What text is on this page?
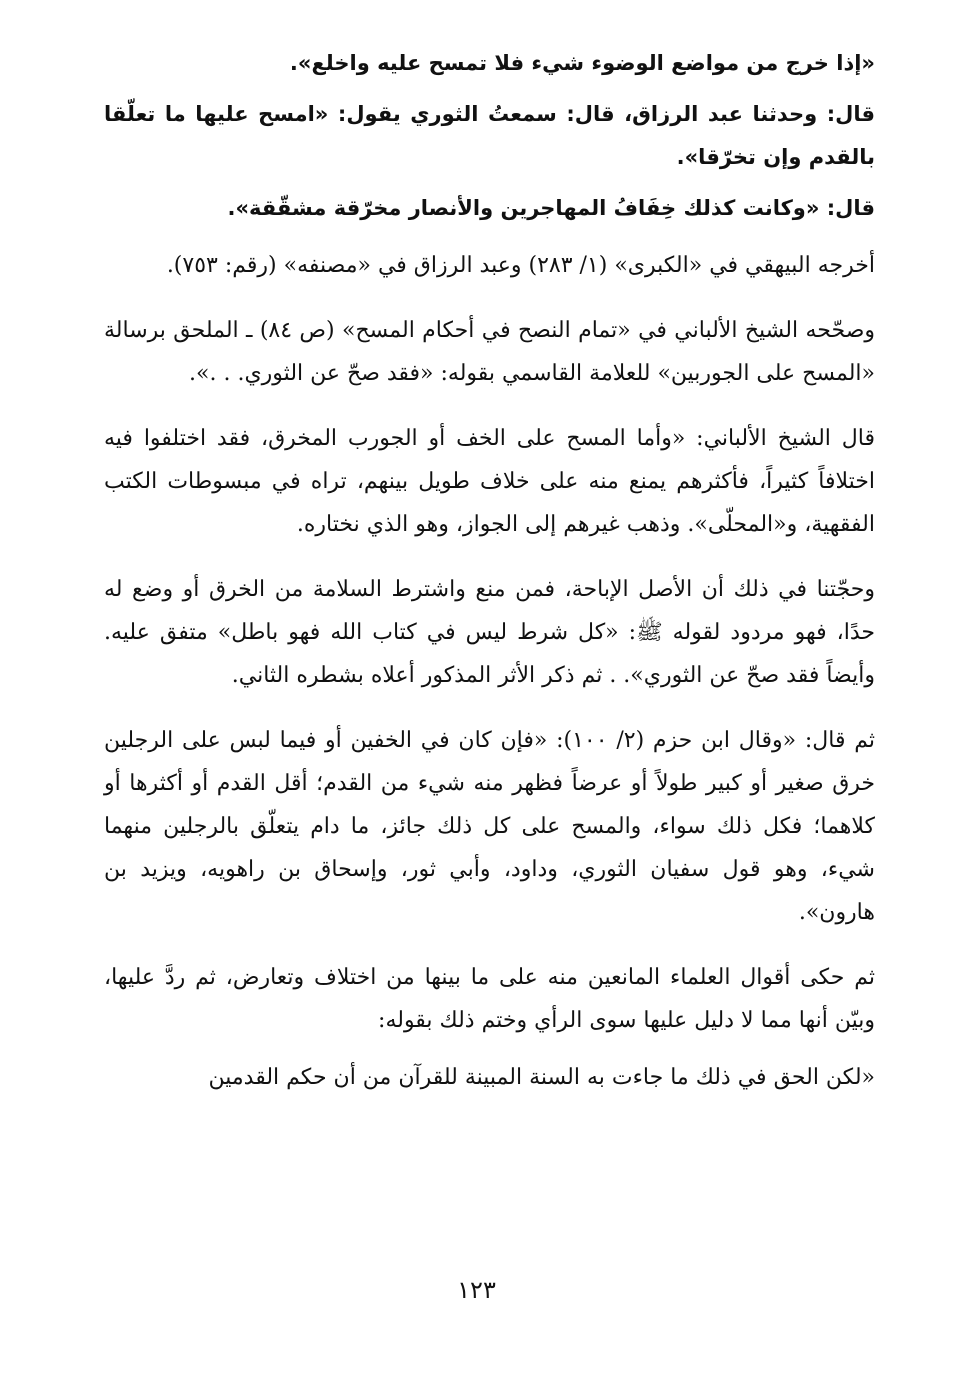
«إذا خرج من مواضع الوضوء شيء فلا تمسح عليه واخلع».

قال: وحدثنا عبد الرزاق، قال: سمعتُ الثوري يقول: «امسح عليها ما تعلّقا بالقدم وإن تخرّقا».

قال: «وكانت كذلك خِفَافُ المهاجرين والأنصار مخرّقة مشقّقة».

أخرجه البيهقي في «الكبرى» (١/ ٢٨٣) وعبد الرزاق في «مصنفه» (رقم: ٧٥٣).

وصحّحه الشيخ الألباني في «تمام النصح في أحكام المسح» (ص ٨٤) ـ الملحق برسالة «المسح على الجوربين» للعلامة القاسمي بقوله: «فقد صحّ عن الثوري. . .».

قال الشيخ الألباني: «وأما المسح على الخف أو الجورب المخرق، فقد اختلفوا فيه اختلافاً كثيراً، فأكثرهم يمنع منه على خلاف طويل بينهم، تراه في مبسوطات الكتب الفقهية، و«المحلّى». وذهب غيرهم إلى الجواز، وهو الذي نختاره.

وحجّتنا في ذلك أن الأصل الإباحة، فمن منع واشترط السلامة من الخرق أو وضع له حدًا، فهو مردود لقوله ﷺ: «كل شرط ليس في كتاب الله فهو باطل» متفق عليه. وأيضاً فقد صحّ عن الثوري». . ثم ذكر الأثر المذكور أعلاه بشطره الثاني.

ثم قال: «وقال ابن حزم (٢/ ١٠٠): «فإن كان في الخفين أو فيما لبس على الرجلين خرق صغير أو كبير طولاً أو عرضاً فظهر منه شيء من القدم؛ أقل القدم أو أكثرها أو كلاهما؛ فكل ذلك سواء، والمسح على كل ذلك جائز، ما دام يتعلّق بالرجلين منهما شيء، وهو قول سفيان الثوري، وداود، وأبي ثور، وإسحاق بن راهويه، ويزيد بن هارون».

ثم حكى أقوال العلماء المانعين منه على ما بينها من اختلاف وتعارض، ثم ردَّ عليها، وبيّن أنها مما لا دليل عليها سوى الرأي وختم ذلك بقوله:

«لكن الحق في ذلك ما جاءت به السنة المبينة للقرآن من أن حكم القدمين

١٢٣
